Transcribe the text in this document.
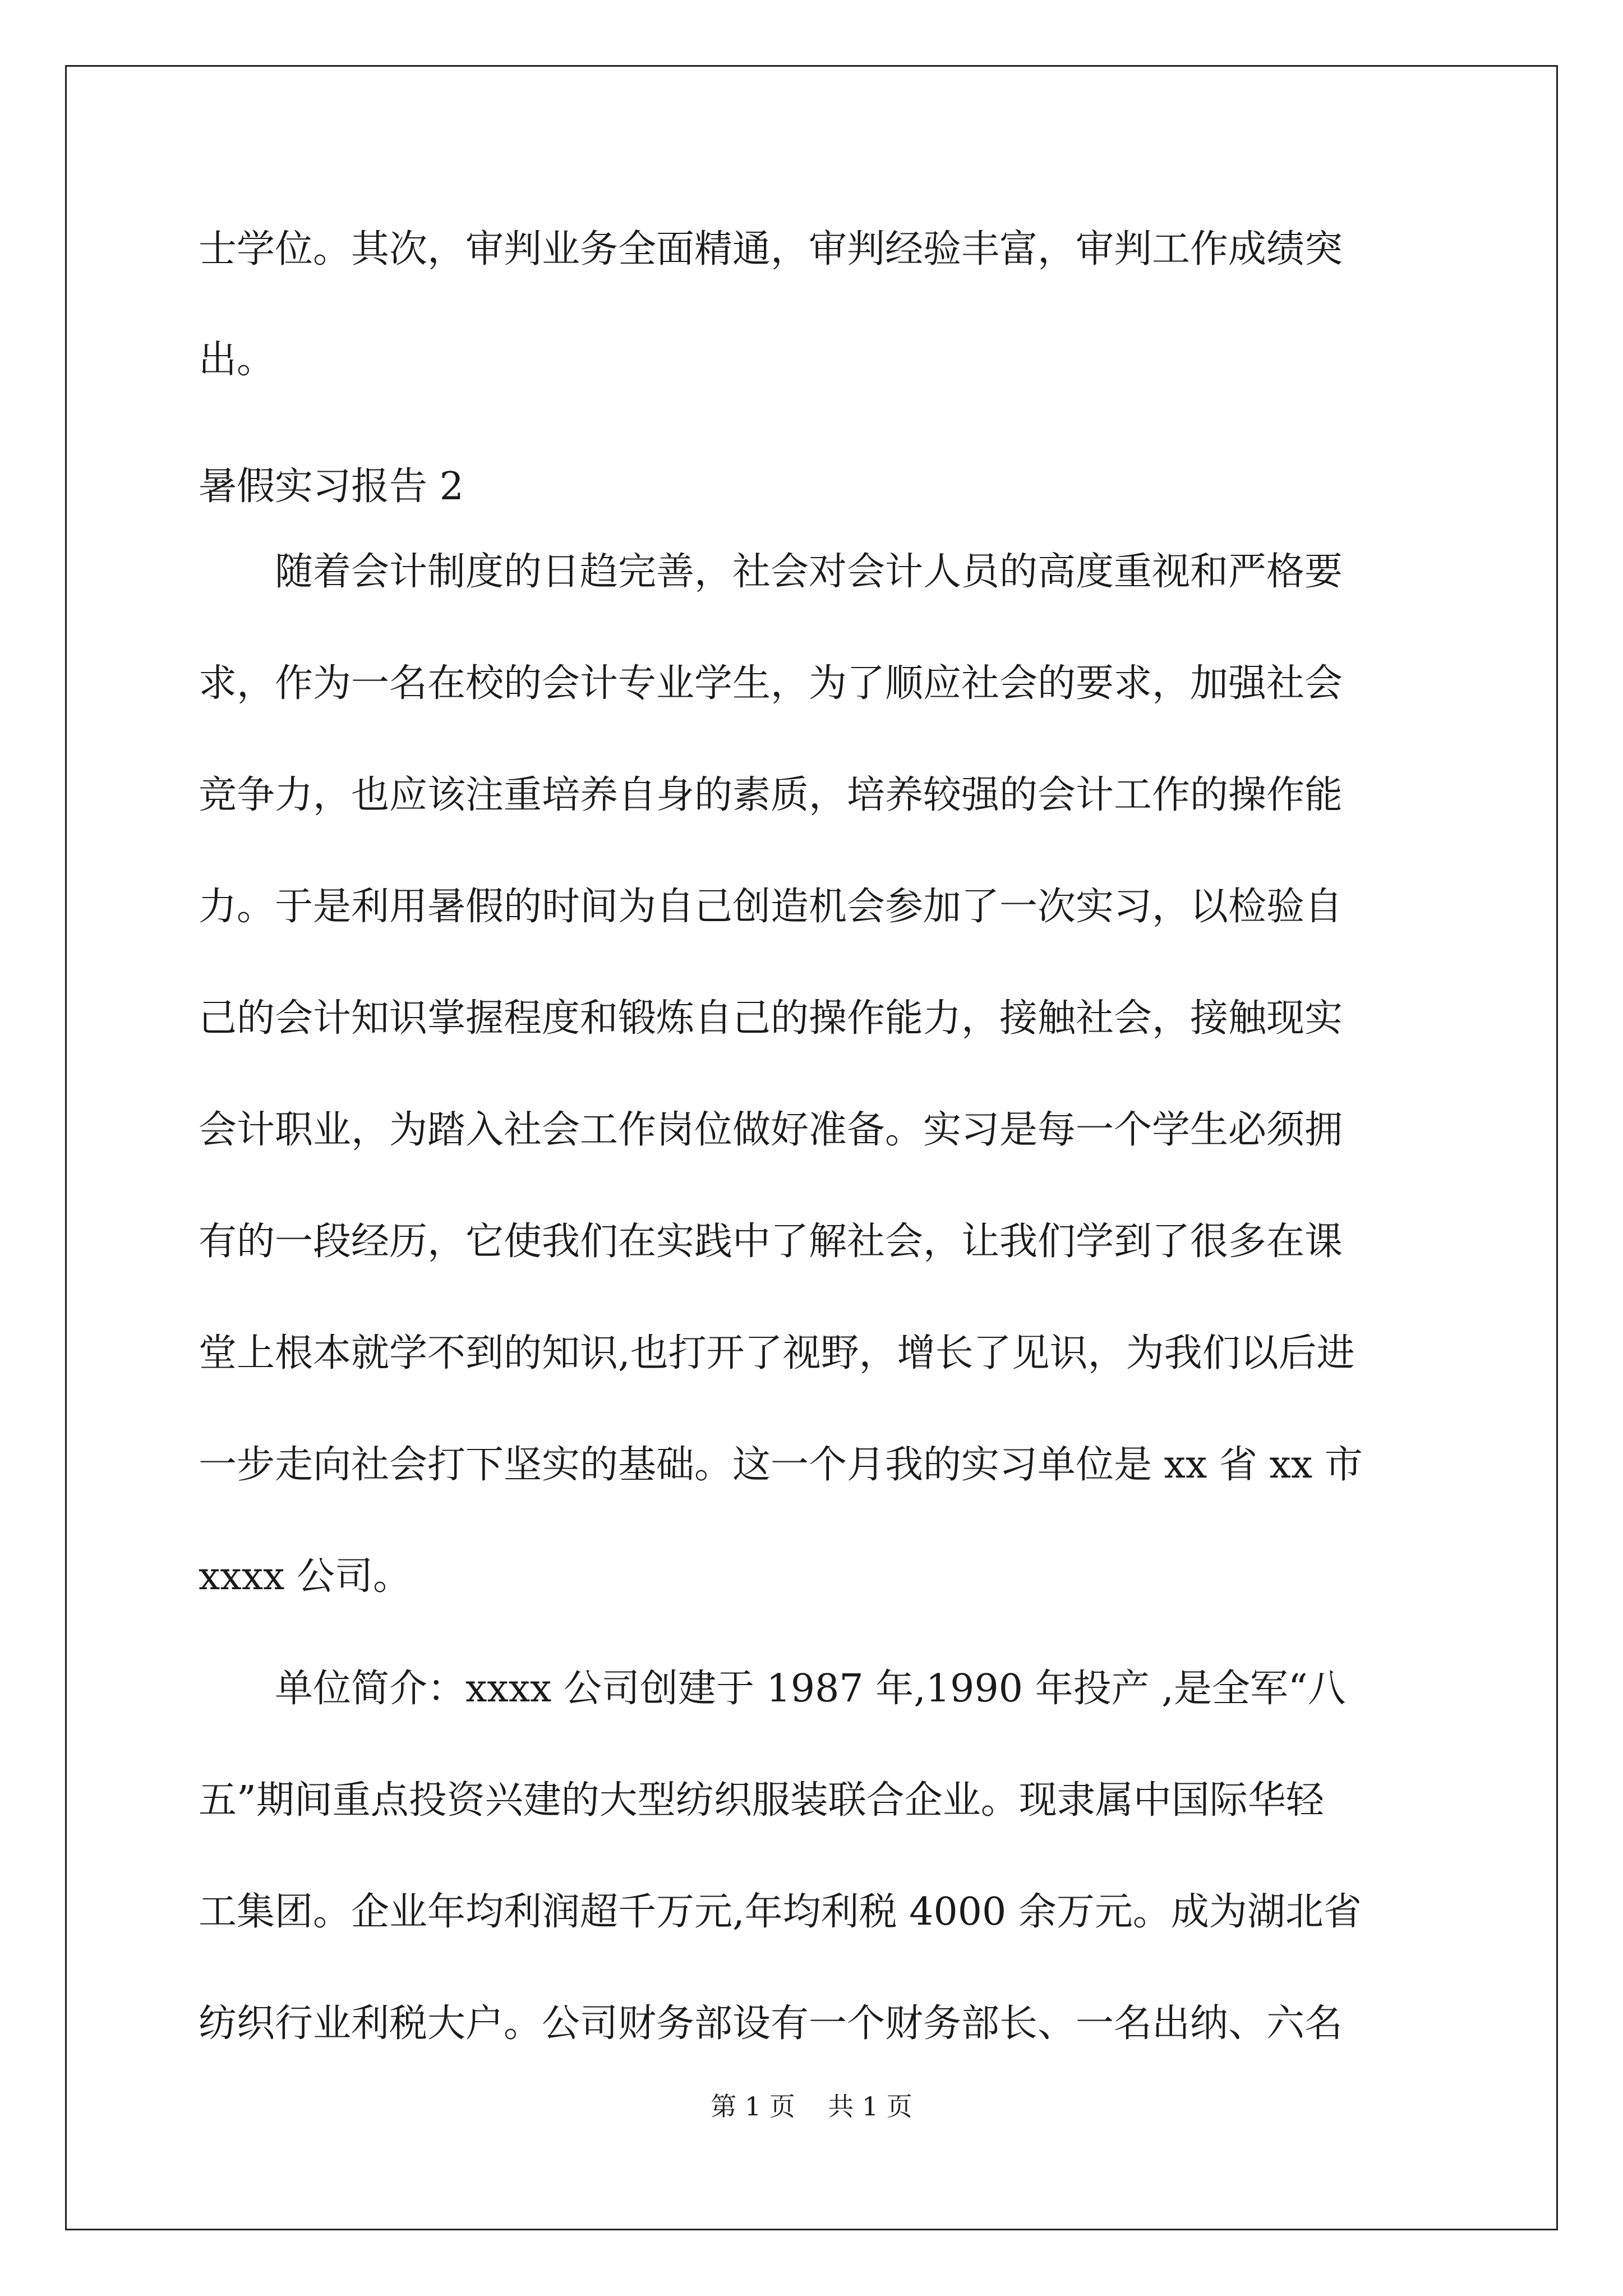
士学位。其次，审判业务全面精通，审判经验丰富，审判工作成绩突
出。
暑假实习报告 2
随着会计制度的日趋完善，社会对会计人员的高度重视和严格要
求，作为一名在校的会计专业学生，为了顺应社会的要求，加强社会
竞争力，也应该注重培养自身的素质，培养较强的会计工作的操作能
力。于是利用暑假的时间为自己创造机会参加了一次实习，以检验自
己的会计知识掌握程度和锻炼自己的操作能力，接触社会，接触现实
会计职业，为踏入社会工作岗位做好准备。实习是每一个学生必须拥
有的一段经历，它使我们在实践中了解社会，让我们学到了很多在课
堂上根本就学不到的知识,也打开了视野，增长了见识，为我们以后进
一步走向社会打下坚实的基础。这一个月我的实习单位是 xx 省 xx 市
xxxx 公司。
单位简介：xxxx 公司创建于 1987 年,1990 年投产 ,是全军“八
五”期间重点投资兴建的大型纺织服装联合企业。现隶属中国际华轻
工集团。企业年均利润超千万元,年均利税 4000 余万元。成为湖北省
纺织行业利税大户。公司财务部设有一个财务部长、一名出纳、六名
第 1 页    共 1 页
